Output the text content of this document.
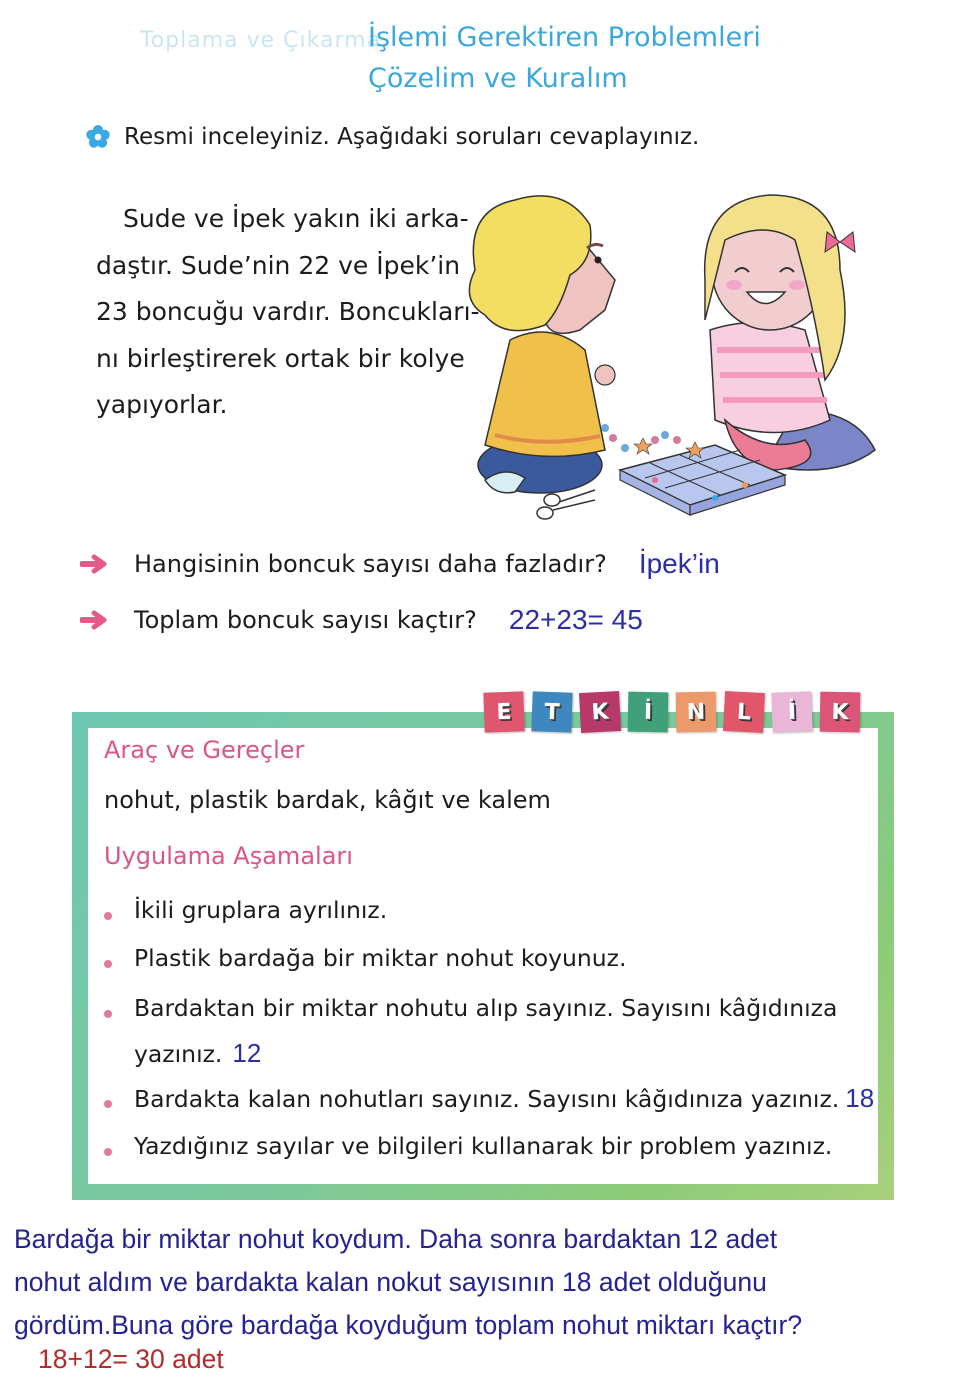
Toplama ve Çıkarma
İşlemi Gerektiren Problemleri
Çözelim ve Kuralım
Resmi inceleyiniz. Aşağıdaki soruları cevaplayınız.
Sude ve İpek yakın iki arka-
daştır. Sude’nin 22 ve İpek’in
23 boncuğu vardır. Boncukları-
nı birleştirerek ortak bir kolye
yapıyorlar.
Hangisinin boncuk sayısı daha fazladır? İpek’in
Toplam boncuk sayısı kaçtır? 22+23= 45
E	T	K	İ	N	L	İ	K
Araç ve Gereçler
nohut, plastik bardak, kâğıt ve kalem
Uygulama Aşamaları
İkili gruplara ayrılınız.
Plastik bardağa bir miktar nohut koyunuz.
Bardaktan bir miktar nohutu alıp sayınız. Sayısını kâğıdınıza
yazınız. 12
Bardakta kalan nohutları sayınız. Sayısını kâğıdınıza yazınız. 18
Yazdığınız sayılar ve bilgileri kullanarak bir problem yazınız.
Bardağa bir miktar nohut koydum. Daha sonra bardaktan 12 adet
nohut aldım ve bardakta kalan nokut sayısının 18 adet olduğunu
gördüm.Buna göre bardağa koyduğum toplam nohut miktarı kaçtır?
18+12= 30 adet
